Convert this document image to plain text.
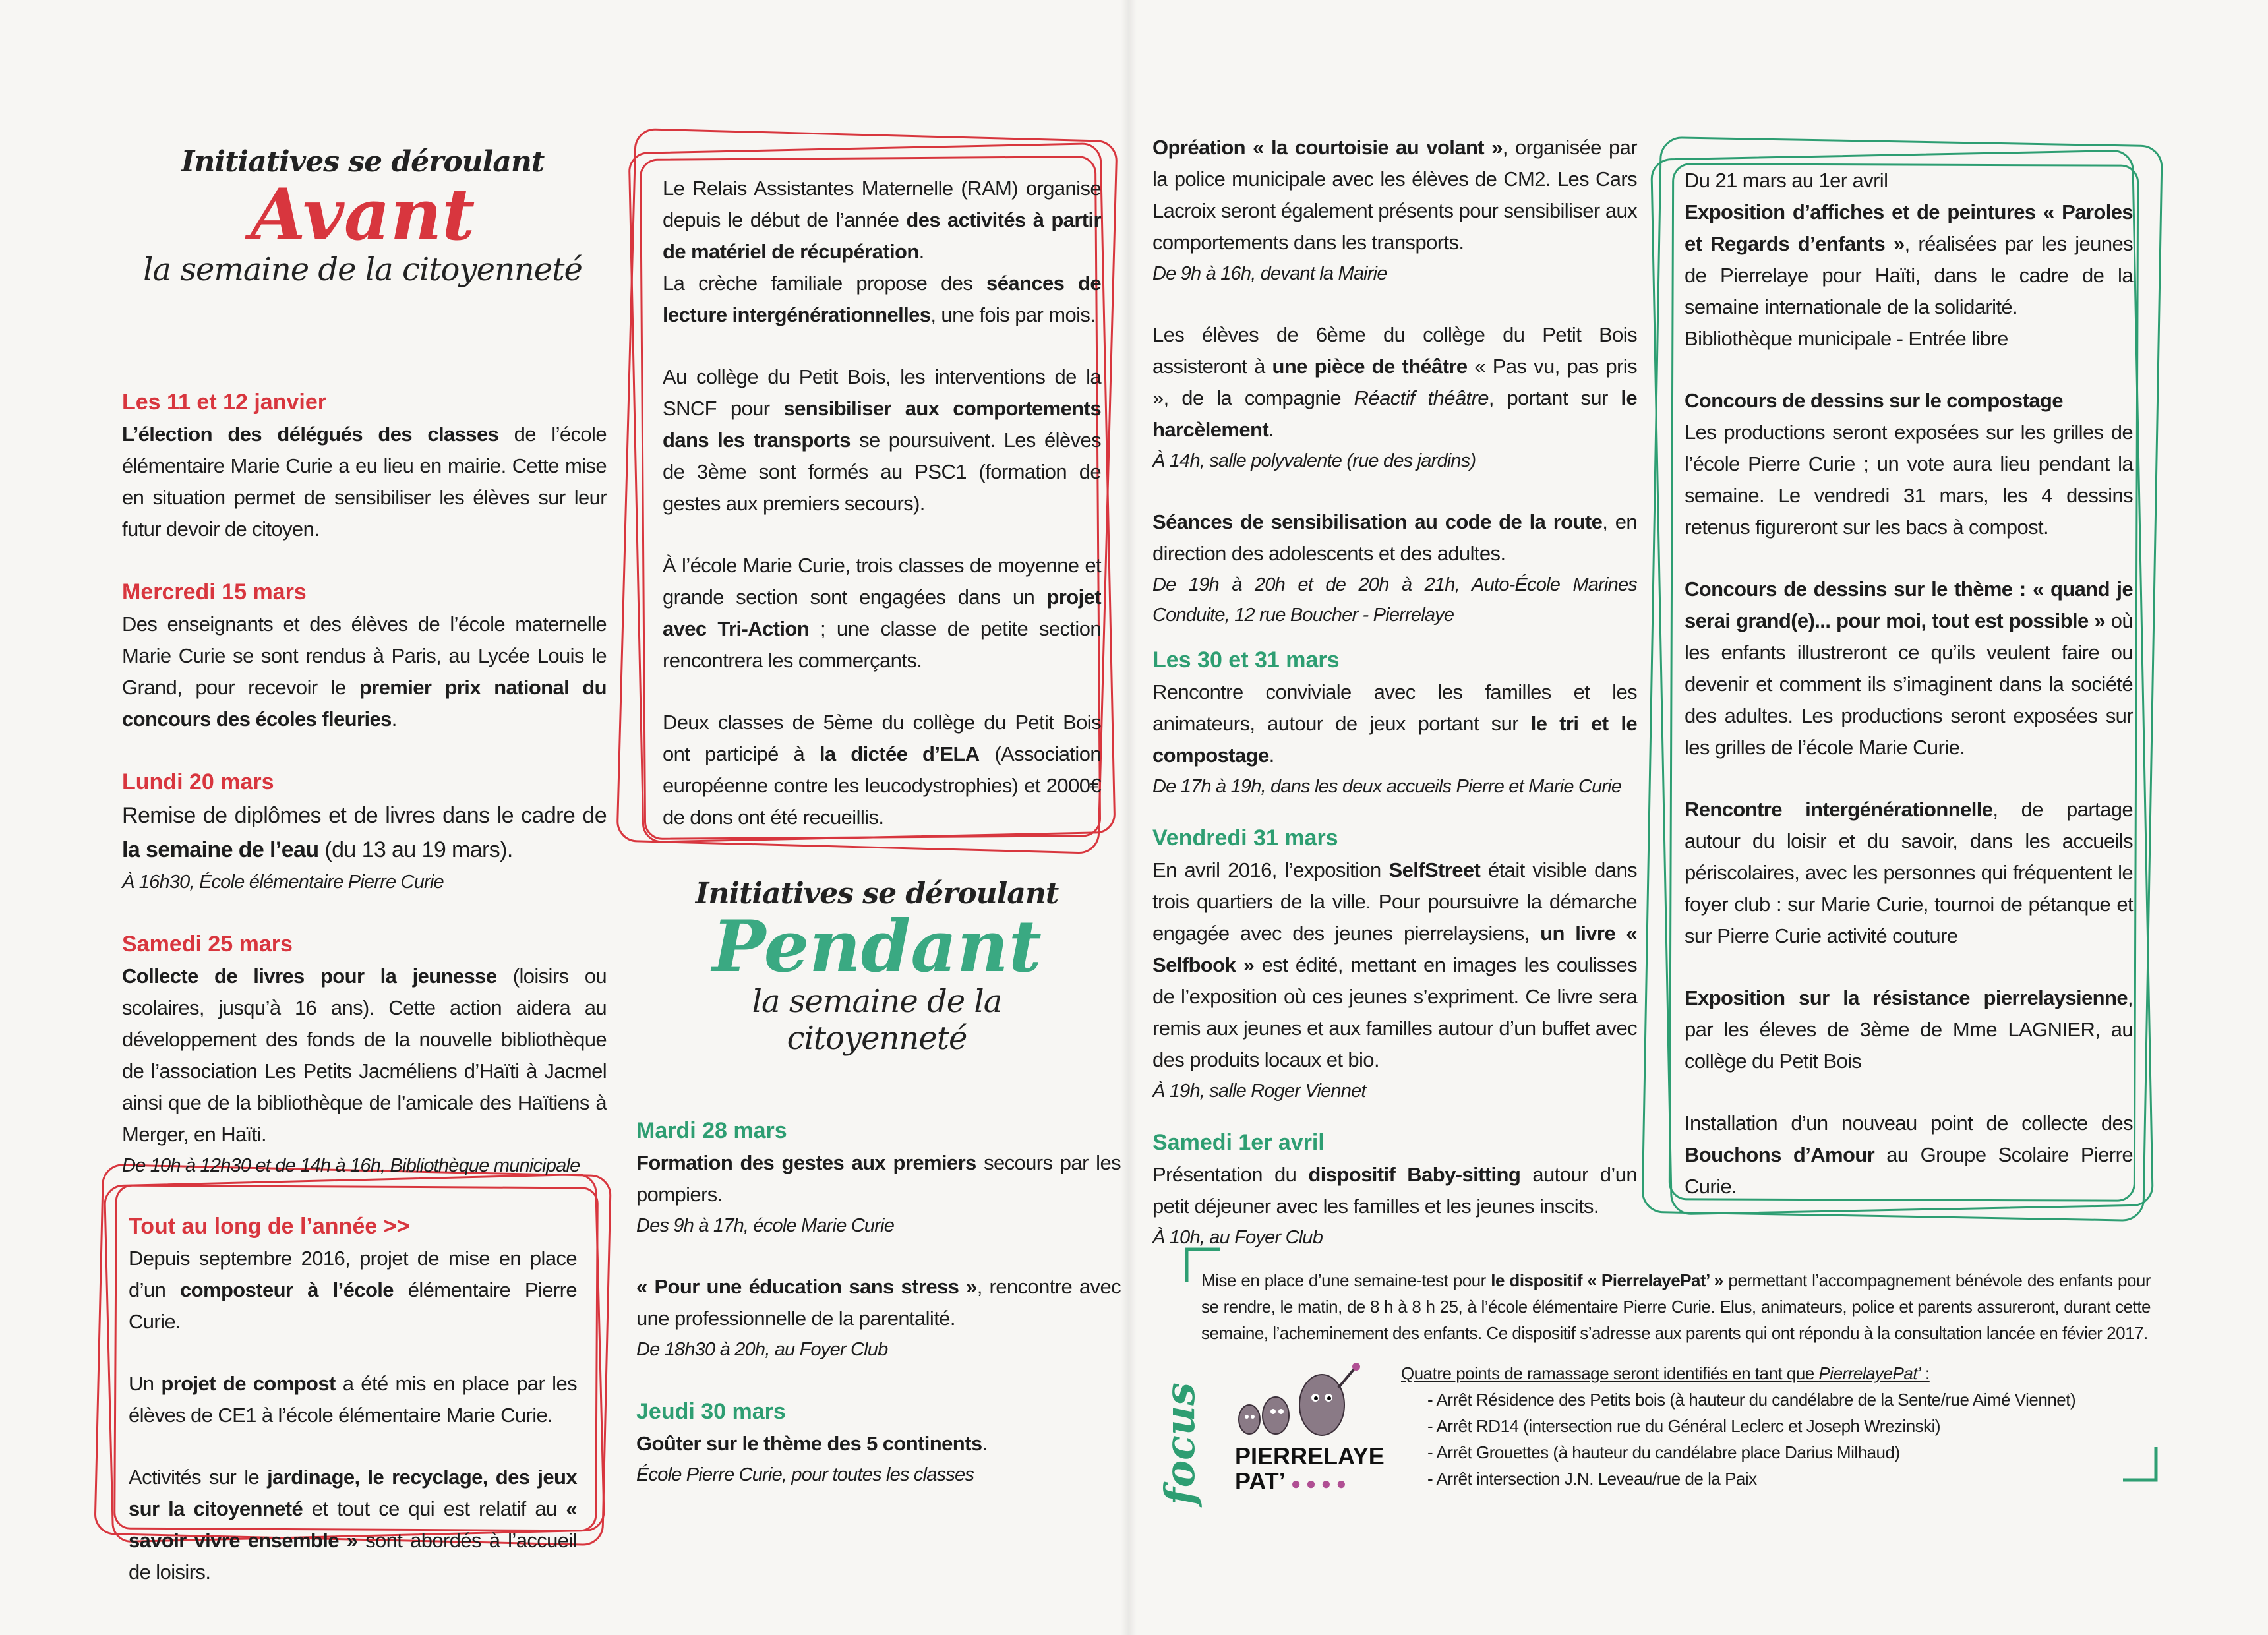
Initiatives se déroulant
Avant
la semaine de la citoyenneté
Les 11 et 12 janvier

L’élection des délégués des classes de l’école élémentaire Marie Curie a eu lieu en mairie. Cette mise en situation permet de sensibiliser les élèves sur leur futur devoir de citoyen.

Mercredi 15 mars

Des enseignants et des élèves de l’école maternelle Marie Curie se sont rendus à Paris, au Lycée Louis le Grand, pour recevoir le premier prix national du concours des écoles fleuries.

Lundi 20 mars

Remise de diplômes et de livres dans le cadre de la semaine de l’eau (du 13 au 19 mars).

À 16h30, École élémentaire Pierre Curie
Samedi 25 mars

Collecte de livres pour la jeunesse (loisirs ou scolaires, jusqu’à 16 ans). Cette action aidera au développement des fonds de la nouvelle bibliothèque de l’association Les Petits Jacméliens d’Haïti à Jacmel ainsi que de la bibliothèque de l’amicale des Haïtiens à Merger, en Haïti.

De 10h à 12h30 et de 14h à 16h, Bibliothèque municipale
Tout au long de l’année >>

Depuis septembre 2016, projet de mise en place d’un composteur à l’école élémentaire Pierre Curie.

Un projet de compost a été mis en place par les élèves de CE1 à l’école élémentaire Marie Curie.

Activités sur le jardinage, le recyclage, des jeux sur la citoyenneté et tout ce qui est relatif au « savoir vivre ensemble » sont abordés à l’accueil de loisirs.

Le Relais Assistantes Maternelle (RAM) organise depuis le début de l’année des activités à partir de matériel de récupération.

La crèche familiale propose des séances de lecture intergénérationnelles, une fois par mois.

Au collège du Petit Bois, les interventions de la SNCF pour sensibiliser aux comportements dans les transports se poursuivent. Les élèves de 3ème sont formés au PSC1 (formation de gestes aux premiers secours).

À l’école Marie Curie, trois classes de moyenne et grande section sont engagées dans un projet avec Tri-Action ; une classe de petite section rencontrera les commerçants.

Deux classes de 5ème du collège du Petit Bois ont participé à la dictée d’ELA (Association européenne contre les leucodystrophies) et 2000€ de dons ont été recueillis.

Initiatives se déroulant
Pendant
la semaine de la citoyenneté
Mardi 28 mars

Formation des gestes aux premiers secours par les pompiers.

Des 9h à 17h, école Marie Curie

« Pour une éducation sans stress », rencontre avec une professionnelle de la parentalité.

De 18h30 à 20h, au Foyer Club
Jeudi 30 mars

Goûter sur le thème des 5 continents.

École Pierre Curie, pour toutes les classes

Opréation « la courtoisie au volant », organisée par la police municipale avec les élèves de CM2. Les Cars Lacroix seront également présents pour sensibiliser aux comportements dans les transports.

De 9h à 16h, devant la Mairie

Les élèves de 6ème du collège du Petit Bois assisteront à une pièce de théâtre « Pas vu, pas pris », de la compagnie Réactif théâtre, portant sur le harcèlement.

À 14h, salle polyvalente (rue des jardins)

Séances de sensibilisation au code de la route, en direction des adolescents et des adultes.

De 19h à 20h et de 20h à 21h, Auto-École Marines Conduite, 12 rue Boucher - Pierrelaye
Les 30 et 31 mars

Rencontre conviviale avec les familles et les animateurs, autour de jeux portant sur le tri et le compostage.

De 17h à 19h, dans les deux accueils Pierre et Marie Curie
Vendredi 31 mars

En avril 2016, l’exposition SelfStreet était visible dans trois quartiers de la ville. Pour poursuivre la démarche engagée avec des jeunes pierrelaysiens, un livre « Selfbook » est édité, mettant en images les coulisses de l’exposition où ces jeunes s’expriment. Ce livre sera remis aux jeunes et aux familles autour d’un buffet avec des produits locaux et bio.

À 19h, salle Roger Viennet
Samedi 1er avril

Présentation du dispositif Baby-sitting autour d’un petit déjeuner avec les familles et les jeunes inscits.

À 10h, au Foyer Club
Du 21 mars au 1er avril

Exposition d’affiches et de peintures « Paroles et Regards d’enfants », réalisées par les jeunes de Pierrelaye pour Haïti, dans le cadre de la semaine internationale de la solidarité.

Bibliothèque municipale - Entrée libre
Concours de dessins sur le compostage

Les productions seront exposées sur les grilles de l’école Pierre Curie ; un vote aura lieu pendant la semaine. Le vendredi 31 mars, les 4 dessins retenus figureront sur les bacs à compost.

Concours de dessins sur le thème : « quand je serai grand(e)... pour moi, tout est possible » où les enfants illustreront ce qu’ils veulent faire ou devenir et comment ils s’imaginent dans la société des adultes. Les productions seront exposées sur les grilles de l’école Marie Curie.

Rencontre intergénérationnelle, de partage autour du loisir et du savoir, dans les accueils périscolaires, avec les personnes qui fréquentent le foyer club : sur Marie Curie, tournoi de pétanque et sur Pierre Curie activité couture

Exposition sur la résistance pierrelaysienne, par les éleves de 3ème de Mme LAGNIER, au collège du Petit Bois

Installation d’un nouveau point de collecte des Bouchons d’Amour au Groupe Scolaire Pierre Curie.

Mise en place d’une semaine-test pour le dispositif « PierrelayePat’ » permettant l’accompagnement bénévole des enfants pour se rendre, le matin, de 8 h à 8 h 25, à l’école élémentaire Pierre Curie. Elus, animateurs, police et parents assureront, durant cette semaine, l’acheminement des enfants. Ce dispositif s’adresse aux parents qui ont répondu à la consultation lancée en févier 2017.
Quatre points de ramassage seront identifiés en tant que PierrelayePat’ :
- Arrêt Résidence des Petits bois (à hauteur du candélabre de la Sente/rue Aimé Viennet)
- Arrêt RD14 (intersection rue du Général Leclerc et Joseph Wrezinski)
- Arrêt Grouettes (à hauteur du candélabre place Darius Milhaud)
- Arrêt intersection J.N. Leveau/rue de la Paix
focus	PIERRELAYE
PAT’ ● ● ● ●
